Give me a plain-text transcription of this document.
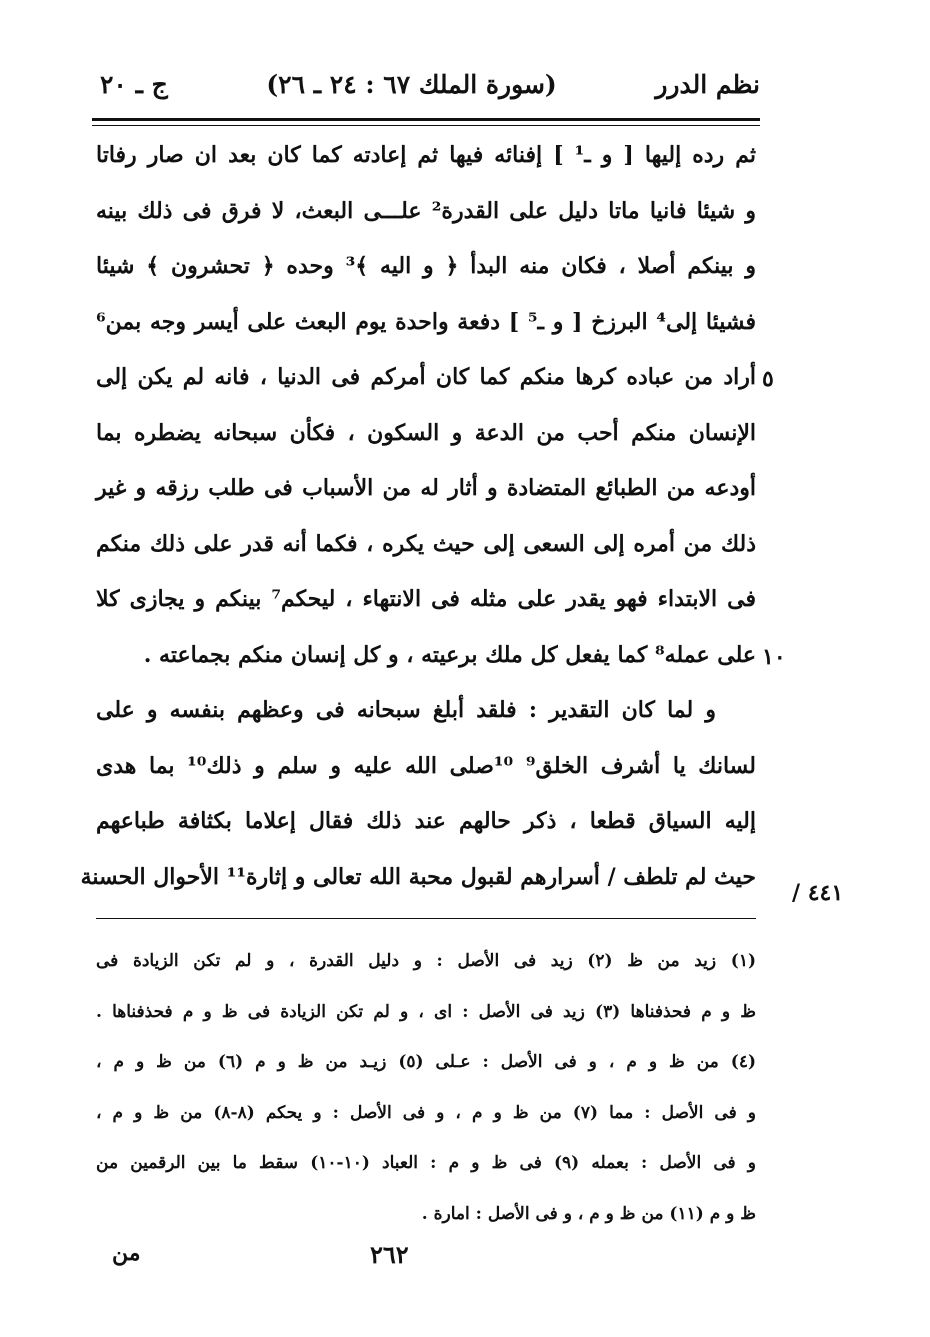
نظم الدرر
(سورة الملك ٦٧ : ٢٤ ـ ٢٦)
ج ـ ٢٠
ثم رده إليها [ و ـ¹ ] إفنائه فيها ثم إعادته كما كان بعد ان صار رفاتا
و شيئا فانيا ماتا دليل على القدرة² علـــى البعث، لا فرق فى ذلك بينه
و بينكم أصلا ، فكان منه البدأ ﴿ و اليه ﴾³ وحده ﴿ تحشرون ﴾ شيئا
فشيئا إلى⁴ البرزخ [ و ـ⁵ ] دفعة واحدة يوم البعث على أيسر وجه بمن⁶
أراد من عباده كرها منكم كما كان أمركم فى الدنيا ، فانه لم يكن إلى
الإنسان منكم أحب من الدعة و السكون ، فكأن سبحانه يضطره بما
أودعه من الطبائع المتضادة و أثار له من الأسباب فى طلب رزقه و غير
ذلك من أمره إلى السعى إلى حيث يكره ، فكما أنه قدر على ذلك منكم
فى الابتداء فهو يقدر على مثله فى الانتهاء ، ليحكم⁷ بينكم و يجازى كلا
على عمله⁸ كما يفعل كل ملك برعيته ، و كل إنسان منكم بجماعته .
و لما كان التقدير : فلقد أبلغ سبحانه فى وعظهم بنفسه و على
لسانك يا أشرف الخلق⁹ ¹⁰صلى الله عليه و سلم و ذلك¹⁰ بما هدى
إليه السياق قطعا ، ذكر حالهم عند ذلك فقال إعلاما بكثافة طباعهم
حيث لم تلطف / أسرارهم لقبول محبة الله تعالى و إثارة¹¹ الأحوال الحسنة
٥
١٠
٤٤١ /
(١) زيد من ظ (٢) زيد فى الأصل : و دليل القدرة ، و لم تكن الزيادة فى
ظ و م فحذفناها (٣) زيد فى الأصل : اى ، و لم تكن الزيادة فى ظ و م فحذفناها .
(٤) من ظ و م ، و فى الأصل : عـلى (٥) زيـد من ظ و م (٦) من ظ و م ،
و فى الأصل : مما (٧) من ظ و م ، و فى الأصل : و يحكم (٨-٨) من ظ و م ،
و فى الأصل : بعمله (٩) فى ظ و م : العباد (١٠-١٠) سقط ما بين الرقمين من
ظ و م (١١) من ظ و م ، و فى الأصل : امارة .
٢٦٢
من
